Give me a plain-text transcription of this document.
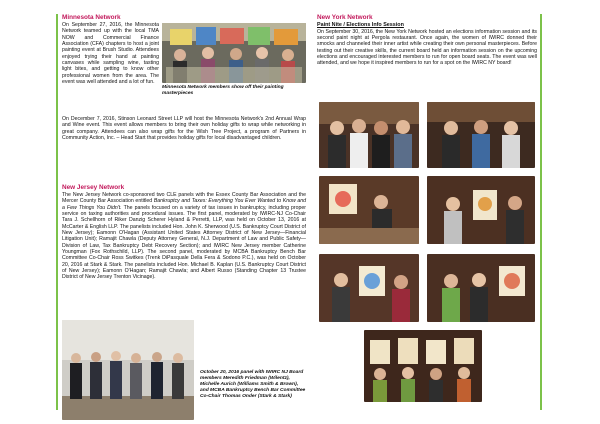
Minnesota Network

On September 27, 2016, the Minnesota Network teamed up with the local TMA NOW and Commercial Finance Association (CFA) chapters to host a joint painting event at Brush Studio. Attendees enjoyed trying their hand at painting canvases while sampling wine, tasting light bites, and getting to know other professional women from the area. The event was well attended and a lot of fun.

Minnesota Network members show off their painting masterpieces

On December 7, 2016, Stinson Leonard Street LLP will host the Minnesota Network's 2nd Annual Wrap and Wine event. This event allows members to bring their own holiday gifts to wrap while networking in great company. Attendees can also wrap gifts for the Wish Tree Project, a program of Partners in Community Action, Inc. – Head Start that provides holiday gifts for local disadvantaged children.

New Jersey Network

The New Jersey Network co-sponsored two CLE panels with the Essex County Bar Association and the Mercer County Bar Association entitled Bankruptcy and Taxes: Everything You Ever Wanted to Know and a Few Things You Didn't. The panels focused on a variety of tax issues in bankruptcy, including proper service on taxing authorities and procedural issues. The first panel, moderated by IWIRC-NJ Co-Chair Tara J. Schellhorn of Riker Danzig Scherer Hyland & Perretti, LLP, was held on October 13, 2016 at McCarter & English LLP. The panelists included Hon. John K. Sherwood (U.S. Bankruptcy Court District of New Jersey); Eamonn O'Hagan (Assistant United States Attorney District of New Jersey—Financial Litigation Unit); Ramajit Chawla (Deputy Attorney General, N.J. Department of Law and Public Safety—Division of Law, Tax Bankruptcy Debt Recovery Section); and IWIRC New Jersey member Catherine Youngman (Fox Rothschild, LLP). The second panel, moderated by MCBA Bankruptcy Bench Bar Committee Co-Chair Ross Switkes (Trenk DiPasquale Della Fera & Sodono P.C.), was held on October 20, 2016 at Stark & Stark. The panelists included Hon. Michael B. Kaplan (U.S. Bankruptcy Court District of New Jersey); Eamonn O'Hagan; Ramajit Chawla; and Albert Russo (Standing Chapter 13 Trustee District of New Jersey Trenton Vicinage).

October 20, 2016 panel with IWIRC NJ Board members Meredith Friedman (Wilentz), Michelle Aurich (Williams Smith & Brown), and MCBA Bankruptcy Bench Bar Committee Co-Chair Thomas Onder (Stark & Stark)
New York Network
Paint Nite / Elections Info Session

On September 30, 2016, the New York Network hosted an elections information session and its second paint night at Pergola restaurant. Once again, the women of IWIRC donned their smocks and channeled their inner artist while creating their own personal masterpieces. Before testing out their creative skills, the current board held an information session on the upcoming elections and encouraged interested members to run for open board seats. The event was well attended, and we hope it inspired members to run for a spot on the IWIRC NY board!
